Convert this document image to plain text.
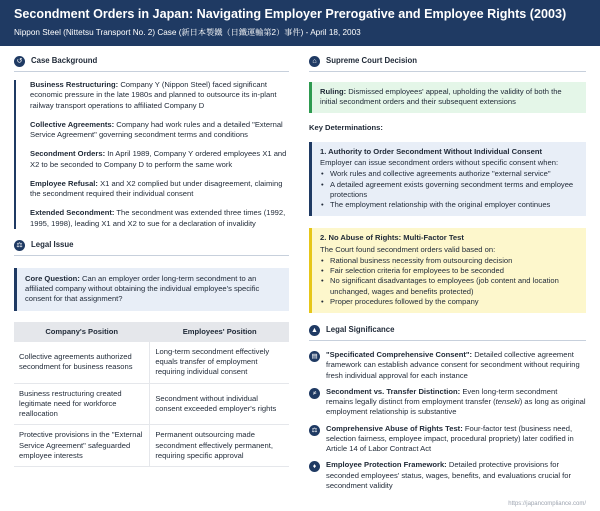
Secondment Orders in Japan: Navigating Employer Prerogative and Employee Rights (2003)
Nippon Steel (Nittetsu Transport No. 2) Case (新日本製鐵（日鐵運輸第2）事件) - April 18, 2003
↺	Case Background
Business Restructuring: Company Y (Nippon Steel) faced significant economic pressure in the late 1980s and planned to outsource its in-plant railway transport operations to affiliated Company D
Collective Agreements: Company had work rules and a detailed "External Service Agreement" governing secondment terms and conditions
Secondment Orders: In April 1989, Company Y ordered employees X1 and X2 to be seconded to Company D to perform the same work
Employee Refusal: X1 and X2 complied but under disagreement, claiming the secondment required their individual consent
Extended Secondment: The secondment was extended three times (1992, 1995, 1998), leading X1 and X2 to sue for a declaration of invalidity
⚖	Legal Issue
Core Question: Can an employer order long-term secondment to an affiliated company without obtaining the individual employee's specific consent for that assignment?
Company's Position	Employees' Position
Collective agreements authorized secondment for business reasons	Long-term secondment effectively equals transfer of employment requiring individual consent
Business restructuring created legitimate need for workforce reallocation	Secondment without individual consent exceeded employer's rights
Protective provisions in the "External Service Agreement" safeguarded employee interests	Permanent outsourcing made secondment effectively permanent, requiring specific approval
⌂	Supreme Court Decision
Ruling: Dismissed employees' appeal, upholding the validity of both the initial secondment orders and their subsequent extensions
Key Determinations:
1. Authority to Order Secondment Without Individual Consent
Employer can issue secondment orders without specific consent when:
• Work rules and collective agreements authorize "external service"
• A detailed agreement exists governing secondment terms and employee protections
• The employment relationship with the original employer continues
2. No Abuse of Rights: Multi-Factor Test
The Court found secondment orders valid based on:
• Rational business necessity from outsourcing decision
• Fair selection criteria for employees to be seconded
• No significant disadvantages to employees (job content and location unchanged, wages and benefits protected)
• Proper procedures followed by the company
▲ Legal Significance
▤	"Specificated Comprehensive Consent": Detailed collective agreement framework can establish advance consent for secondment without requiring fresh individual approval for each instance
≠	Secondment vs. Transfer Distinction: Even long-term secondment remains legally distinct from employment transfer (tenseki) as long as original employment relationship is substantive
⚖	Comprehensive Abuse of Rights Test: Four-factor test (business need, selection fairness, employee impact, procedural propriety) later codified in Article 14 of Labor Contract Act
♦	Employee Protection Framework: Detailed protective provisions for seconded employees' status, wages, benefits, and evaluations crucial for secondment validity
https://japancompliance.com/
